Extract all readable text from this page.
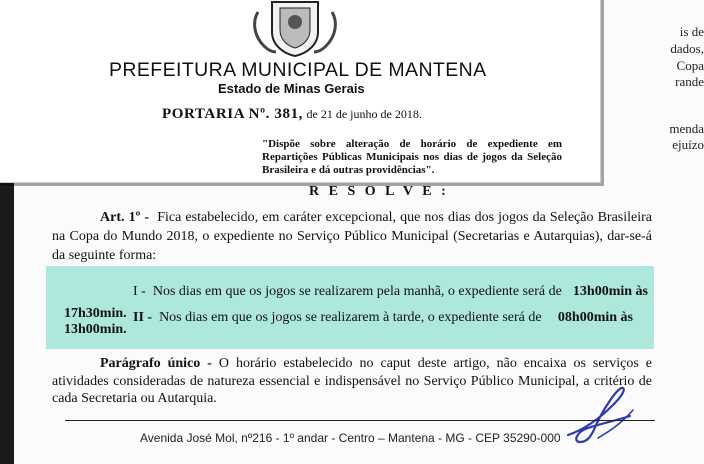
is de
dados,
Copa
rande
menda
ejuízo
R E S O L V E :
Art. 1º - Fica estabelecido, em caráter excepcional, que nos dias dos jogos da Seleção Brasileira na Copa do Mundo 2018, o expediente no Serviço Público Municipal (Secretarias e Autarquias), dar-se-á da seguinte forma:
I - Nos dias em que os jogos se realizarem pela manhã, o expediente será de 13h00min às
17h30min. II - Nos dias em que os jogos se realizarem à tarde, o expediente será de 08h00min às
13h00min.
Parágrafo único - O horário estabelecido no caput deste artigo, não encaixa os serviços e atividades consideradas de natureza essencial e indispensável no Serviço Público Municipal, a critério de cada Secretaria ou Autarquia.
Avenida José Mol, nº216 - 1º andar - Centro – Mantena - MG - CEP 35290-000
PREFEITURA MUNICIPAL DE MANTENA
Estado de Minas Gerais
PORTARIA Nº. 381, de 21 de junho de 2018.
"Dispõe sobre alteração de horário de expediente em Repartições Públicas Municipais nos dias de jogos da Seleção Brasileira e dá outras providências".
